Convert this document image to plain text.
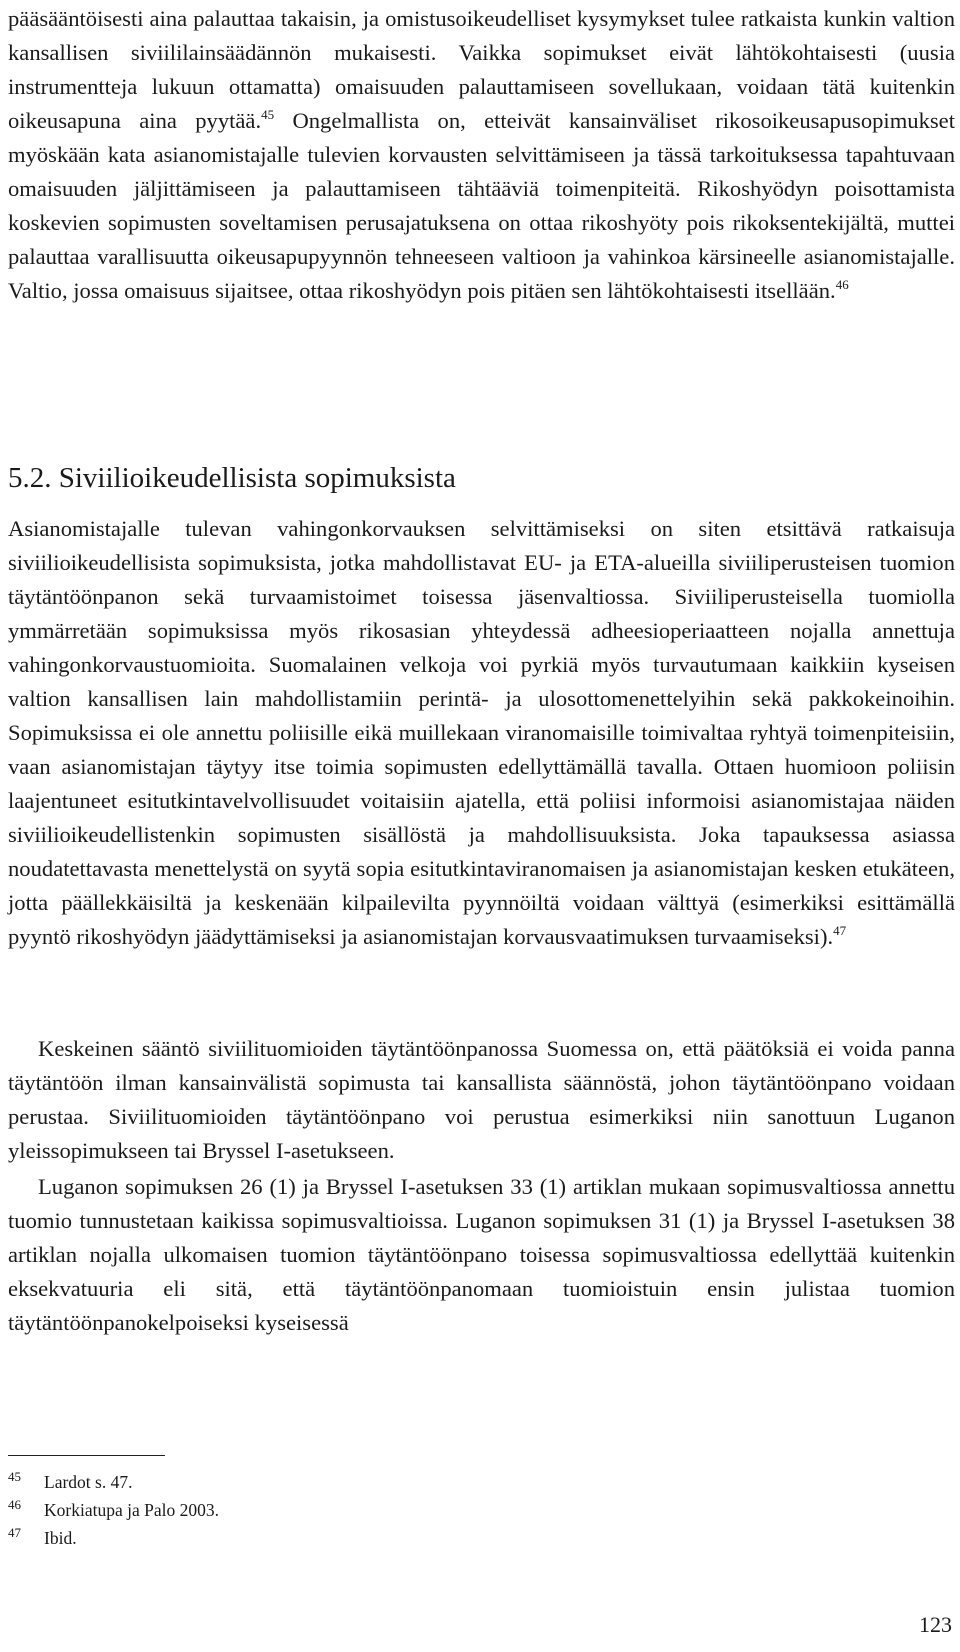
pääsääntöisesti aina palauttaa takaisin, ja omistusoikeudelliset kysymykset tulee ratkaista kunkin valtion kansallisen siviililainsäädännön mukaisesti. Vaikka sopimukset eivät lähtökohtaisesti (uusia instrumentteja lukuun ottamatta) omaisuuden palauttamiseen sovellukaan, voidaan tätä kuitenkin oikeusapuna aina pyytää.$^{45}$ Ongelmallista on, etteivät kansainväliset rikosoikeusapusopimukset myöskään kata asianomistajalle tulevien korvausten selvittämiseen ja tässä tarkoituksessa tapahtuvaan omaisuuden jäljittämiseen ja palauttamiseen tähtääviä toimenpiteitä. Rikoshyödyn poisottamista koskevien sopimusten soveltamisen perusajatuksena on ottaa rikoshyöty pois rikoksentekijältä, muttei palauttaa varallisuutta oikeusapupyynnön tehneeseen valtioon ja vahinkoa kärsineelle asianomistajalle. Valtio, jossa omaisuus sijaitsee, ottaa rikoshyödyn pois pitäen sen lähtökohtaisesti itsellään.$^{46}$

Asianomistajalle tulevan vahingonkorvauksen selvittämiseksi on siten etsittävä ratkaisuja siviilioikeudellisista sopimuksista, jotka mahdollistavat EU- ja ETA-alueilla siviiliperusteisen tuomion täytäntöönpanon sekä turvaamistoimet toisessa jäsenvaltiossa. Siviiliperusteisella tuomiolla ymmärretään sopimuksissa myös rikosasian yhteydessä adheesioperiaatteen nojalla annettuja vahingonkorvaustuomioita. Suomalainen velkoja voi pyrkiä myös turvautumaan kaikkiin kyseisen valtion kansallisen lain mahdollistamiin perintä- ja ulosottomenettelyihin sekä pakkokeinoihin. Sopimuksissa ei ole annettu poliisille eikä muillekaan viranomaisille toimivaltaa ryhtyä toimenpiteisiin, vaan asianomistajan täytyy itse toimia sopimusten edellyttämällä tavalla. Ottaen huomioon poliisin laajentuneet esitutkintavelvollisuudet voitaisiin ajatella, että poliisi informoisi asianomistajaa näiden siviilioikeudellistenkin sopimusten sisällöstä ja mahdollisuuksista. Joka tapauksessa asiassa noudatettavasta menettelystä on syytä sopia esitutkintaviranomaisen ja asianomistajan kesken etukäteen, jotta päällekkäisiltä ja keskenään kilpailevilta pyynnöiltä voidaan välttyä (esimerkiksi esittämällä pyyntö rikoshyödyn jäädyttämiseksi ja asianomistajan korvausvaatimuksen turvaamiseksi).$^{47}$

Keskeinen sääntö siviilituomioiden täytäntöönpanossa Suomessa on, että päätöksiä ei voida panna täytäntöön ilman kansainvälistä sopimusta tai kansallista säännöstä, johon täytäntöönpano voidaan perustaa. Siviilituomioiden täytäntöönpano voi perustua esimerkiksi niin sanottuun Luganon yleissopimukseen tai Bryssel I-asetukseen.

Luganon sopimuksen 26 (1) ja Bryssel I-asetuksen 33 (1) artiklan mukaan sopimusvaltiossa annettu tuomio tunnustetaan kaikissa sopimusvaltioissa. Luganon sopimuksen 31 (1) ja Bryssel I-asetuksen 38 artiklan nojalla ulkomaisen tuomion täytäntöönpano toisessa sopimusvaltiossa edellyttää kuitenkin eksekvatuuria eli sitä, että täytäntöönpanomaan tuomioistuin ensin julistaa tuomion täytäntöönpanokelpoiseksi kyseisessä

5.2. Siviilioikeudellisista sopimuksista
45 Lardot s. 47.
46 Korkiatupa ja Palo 2003.
47 Ibid.
123
